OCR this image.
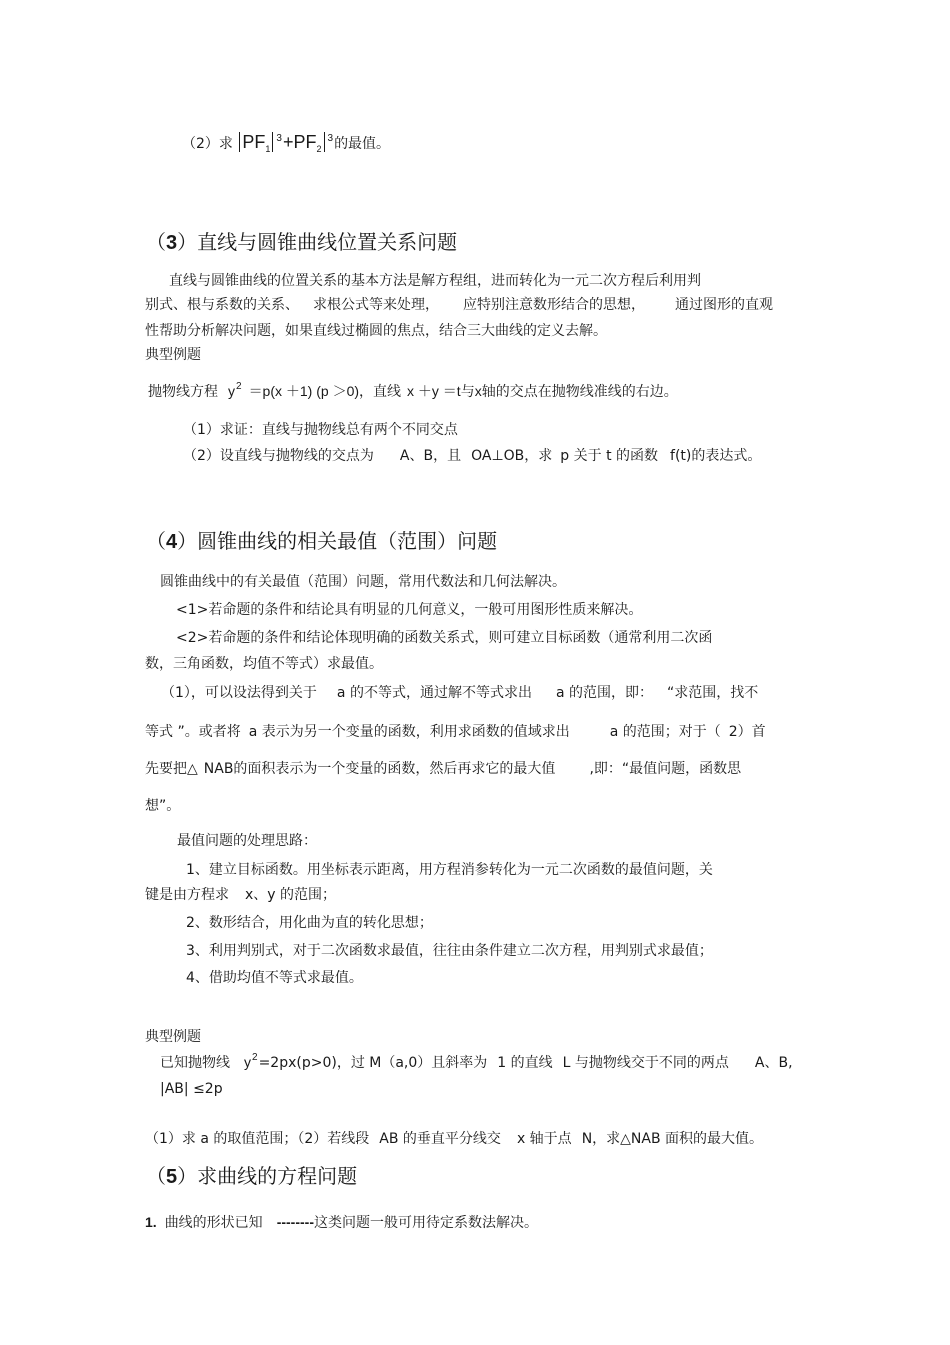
（2）求 $PF_1^3+PF_2^3$的最值。
（3）直线与圆锥曲线位置关系问题
直线与圆锥曲线的位置关系的基本方法是解方程组，进而转化为一元二次方程后利用判
别式、根与系数的关系、 求根公式等来处理， 应特别注意数形结合的思想， 通过图形的直观
性帮助分析解决问题，如果直线过椭圆的焦点，结合三大曲线的定义去解。
典型例题
抛物线方程 $y^2 =p(x +1)$ (p ＞0)，直线 x ＋y ＝t与x轴的交点在抛物线准线的右边。
（1）求证：直线与抛物线总有两个不同交点
（2）设直线与抛物线的交点为 A、B，且 OA⊥OB，求 p 关于 t 的函数 f(t)的表达式。
（4）圆锥曲线的相关最值（范围）问题
圆锥曲线中的有关最值（范围）问题，常用代数法和几何法解决。
<1>若命题的条件和结论具有明显的几何意义，一般可用图形性质来解决。
<2>若命题的条件和结论体现明确的函数关系式，则可建立目标函数（通常利用二次函
数，三角函数，均值不等式）求最值。
（1），可以设法得到关于 a 的不等式，通过解不等式求出 a 的范围，即： “求范围，找不
等式 ”。或者将 a 表示为另一个变量的函数，利用求函数的值域求出	a 的范围；对于（ 2）首
先要把△ NAB的面积表示为一个变量的函数，然后再求它的最大值 ,即：“最值问题，函数思
想”。
最值问题的处理思路：
1、建立目标函数。用坐标表示距离，用方程消参转化为一元二次函数的最值问题，关
键是由方程求 x、y 的范围；
2、数形结合，用化曲为直的转化思想；
3、利用判别式，对于二次函数求最值，往往由条件建立二次方程，用判别式求最值；
4、借助均值不等式求最值。
典型例题
已知抛物线 $y^2=2px(p>0)$，过 M（a,0）且斜率为 1 的直线 L 与抛物线交于不同的两点 A、B,
|AB| ≤2p
（1）求 a 的取值范围；（2）若线段 AB 的垂直平分线交 x 轴于点 N，求△NAB 面积的最大值。
（5）求曲线的方程问题
1. 曲线的形状已知 --------这类问题一般可用待定系数法解决。
